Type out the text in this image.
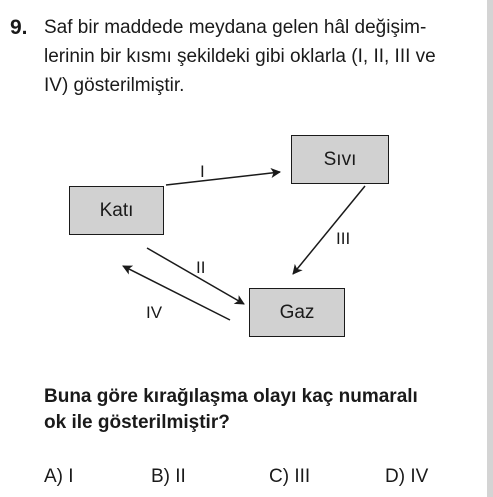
9. Saf bir maddede meydana gelen hâl değişim-
lerinin bir kısmı şekildeki gibi oklarla (I, II, III ve
IV) gösterilmiştir.
Katı
Sıvı
Gaz
I
III
II
IV
Buna göre kırağılaşma olayı kaç numaralı
ok ile gösterilmiştir?
A) I	B) II	C) III	D) IV
